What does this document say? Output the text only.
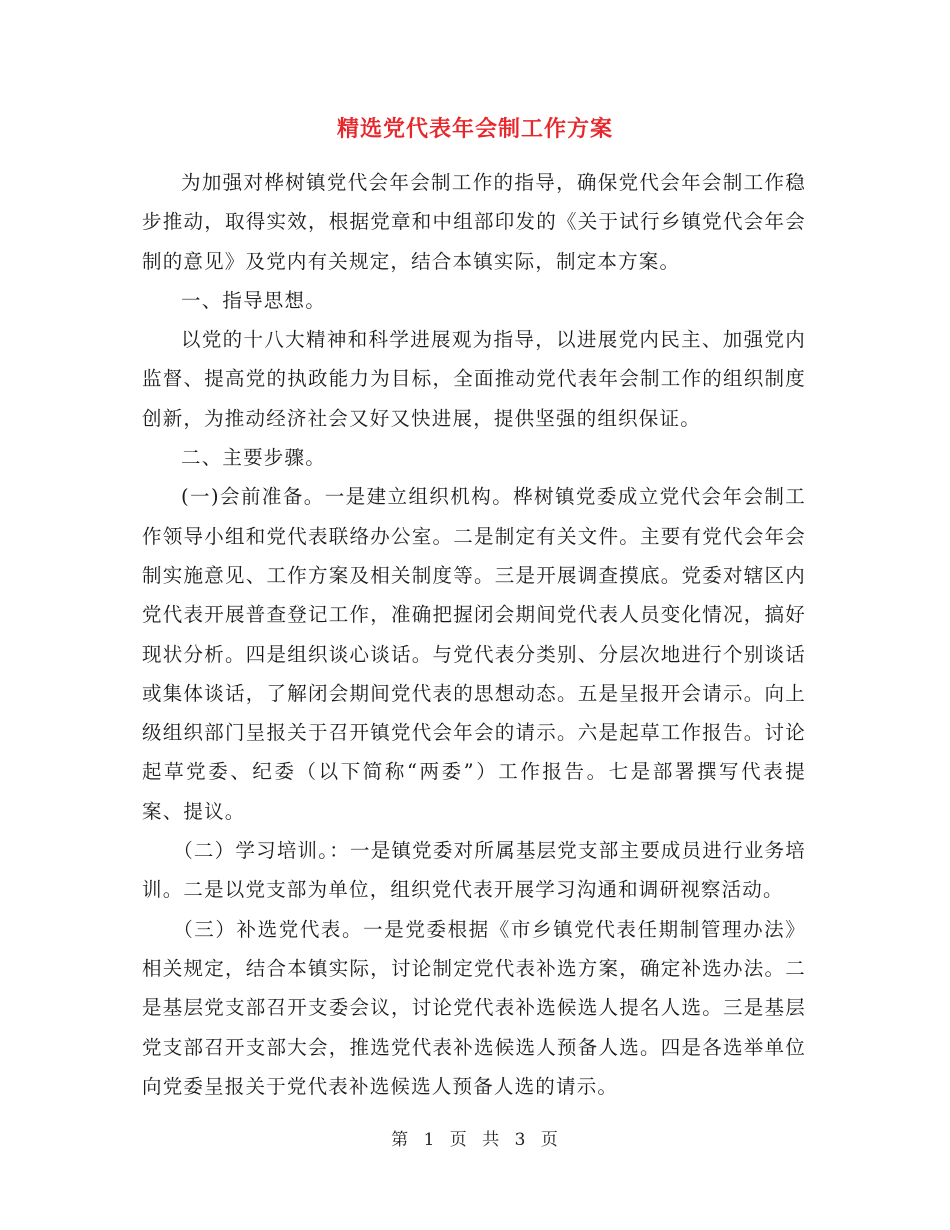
精选党代表年会制工作方案

为加强对桦树镇党代会年会制工作的指导，确保党代会年会制工作稳步推动，取得实效，根据党章和中组部印发的《关于试行乡镇党代会年会制的意见》及党内有关规定，结合本镇实际，制定本方案。

一、指导思想。

以党的十八大精神和科学进展观为指导，以进展党内民主、加强党内监督、提高党的执政能力为目标，全面推动党代表年会制工作的组织制度创新，为推动经济社会又好又快进展，提供坚强的组织保证。

二、主要步骤。

(一)会前准备。一是建立组织机构。桦树镇党委成立党代会年会制工作领导小组和党代表联络办公室。二是制定有关文件。主要有党代会年会制实施意见、工作方案及相关制度等。三是开展调查摸底。党委对辖区内党代表开展普查登记工作，准确把握闭会期间党代表人员变化情况，搞好现状分析。四是组织谈心谈话。与党代表分类别、分层次地进行个别谈话或集体谈话，了解闭会期间党代表的思想动态。五是呈报开会请示。向上级组织部门呈报关于召开镇党代会年会的请示。六是起草工作报告。讨论起草党委、纪委（以下简称“两委”）工作报告。七是部署撰写代表提案、提议。

（二）学习培训。：一是镇党委对所属基层党支部主要成员进行业务培训。二是以党支部为单位，组织党代表开展学习沟通和调研视察活动。

（三）补选党代表。一是党委根据《市乡镇党代表任期制管理办法》相关规定，结合本镇实际，讨论制定党代表补选方案，确定补选办法。二是基层党支部召开支委会议，讨论党代表补选候选人提名人选。三是基层党支部召开支部大会，推选党代表补选候选人预备人选。四是各选举单位向党委呈报关于党代表补选候选人预备人选的请示。

第 1 页 共 3 页
